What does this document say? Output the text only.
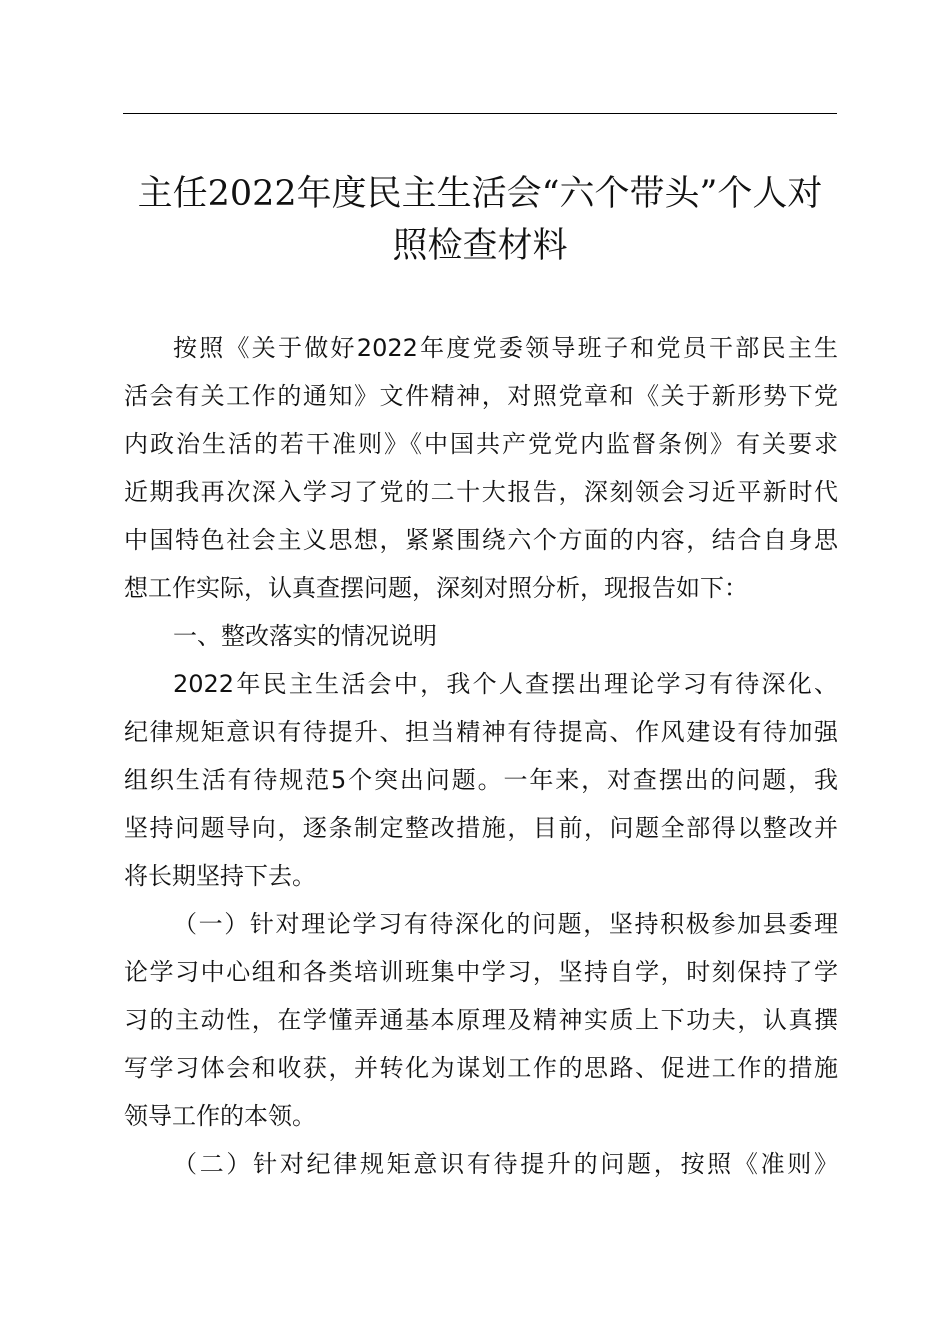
主任2022年度民主生活会“六个带头”个人对
照检查材料
按照《关于做好2022年度党委领导班子和党员干部民主生
活会有关工作的通知》文件精神，对照党章和《关于新形势下党
内政治生活的若干准则》《中国共产党党内监督条例》有关要求
近期我再次深入学习了党的二十大报告，深刻领会习近平新时代
中国特色社会主义思想，紧紧围绕六个方面的内容，结合自身思
想工作实际，认真查摆问题，深刻对照分析，现报告如下：
一、整改落实的情况说明
2022年民主生活会中，我个人查摆出理论学习有待深化、
纪律规矩意识有待提升、担当精神有待提高、作风建设有待加强
组织生活有待规范5个突出问题。一年来，对查摆出的问题，我
坚持问题导向，逐条制定整改措施，目前，问题全部得以整改并
将长期坚持下去。
（一）针对理论学习有待深化的问题，坚持积极参加县委理
论学习中心组和各类培训班集中学习，坚持自学，时刻保持了学
习的主动性，在学懂弄通基本原理及精神实质上下功夫，认真撰
写学习体会和收获，并转化为谋划工作的思路、促进工作的措施
领导工作的本领。
（二）针对纪律规矩意识有待提升的问题，按照《准则》
